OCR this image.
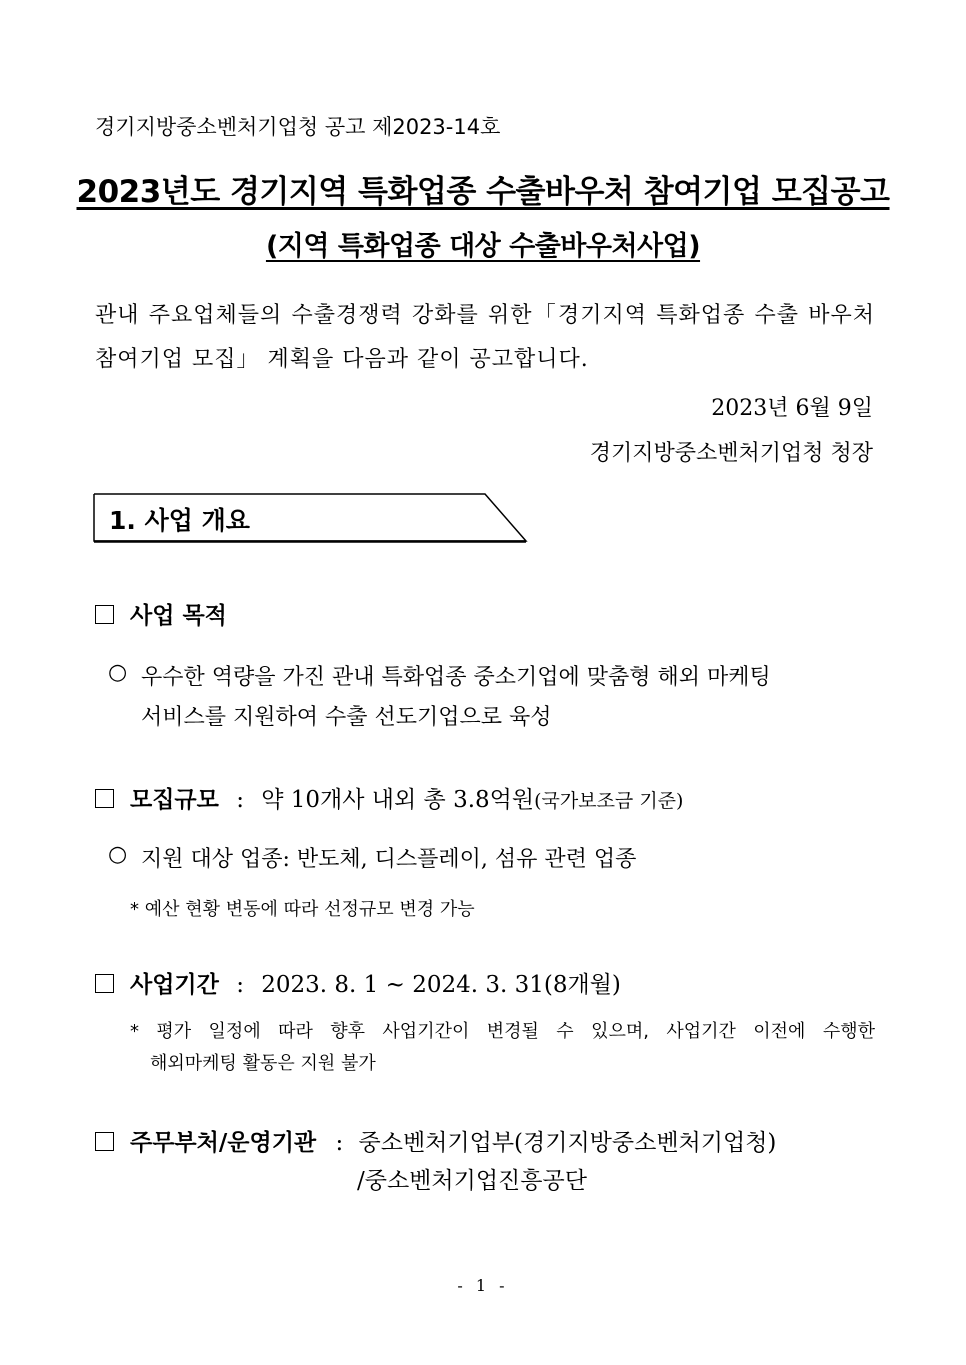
경기지방중소벤처기업청 공고 제2023-14호
2023년도 경기지역 특화업종 수출바우처 참여기업 모집공고
(지역 특화업종 대상 수출바우처사업)
관내 주요업체들의 수출경쟁력 강화를 위한「경기지역 특화업종 수출 바우처 참여기업 모집」 계획을 다음과 같이 공고합니다.
2023년 6월 9일
경기지방중소벤처기업청 청장
1. 사업 개요
사업 목적
○ 우수한 역량을 가진 관내 특화업종 중소기업에 맞춤형 해외 마케팅
서비스를 지원하여 수출 선도기업으로 육성
모집규모 : 약 10개사 내외 총 3.8억원(국가보조금 기준)
○ 지원 대상 업종: 반도체, 디스플레이, 섬유 관련 업종
* 예산 현황 변동에 따라 선정규모 변경 가능
사업기간 : 2023. 8. 1 ~ 2024. 3. 31(8개월)
* 평가 일정에 따라 향후 사업기간이 변경될 수 있으며, 사업기간 이전에 수행한
해외마케팅 활동은 지원 불가
주무부처/운영기관 : 중소벤처기업부(경기지방중소벤처기업청)
/중소벤처기업진흥공단
- 1 -
